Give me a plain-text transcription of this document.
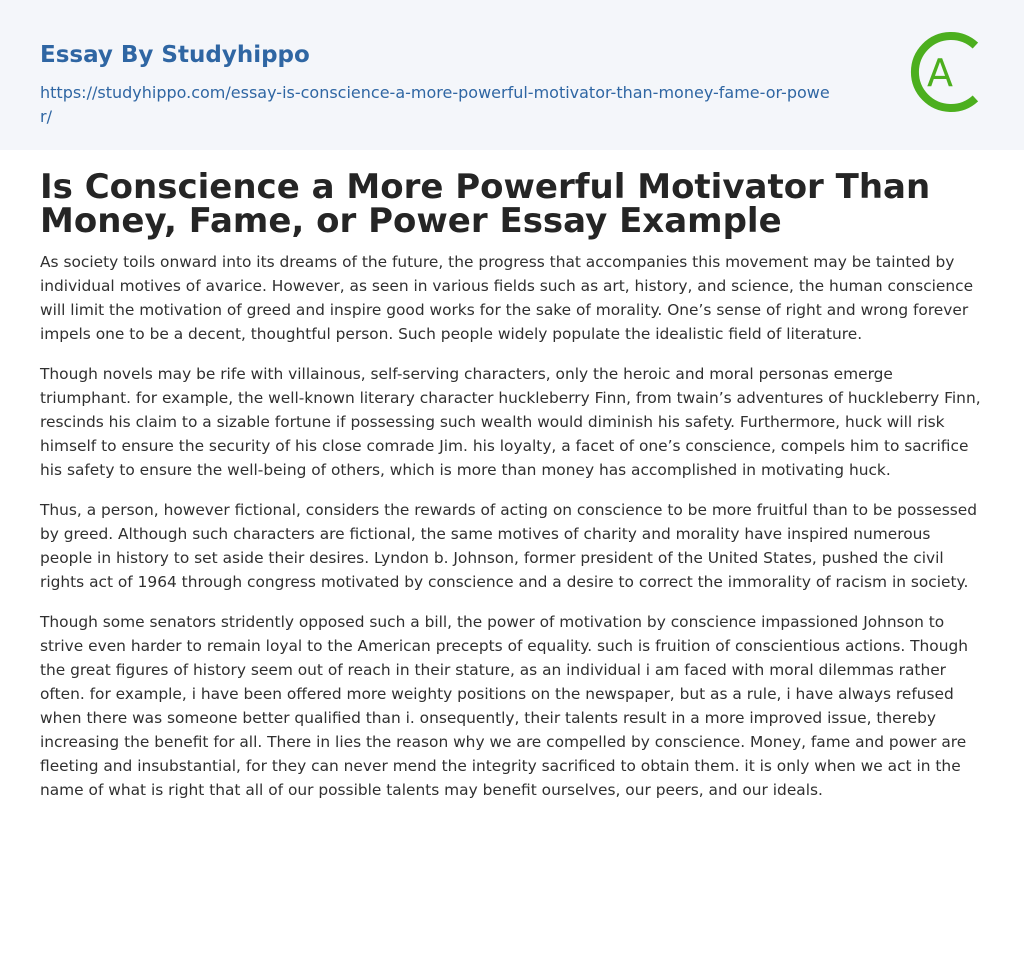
Essay By Studyhippo
https://studyhippo.com/essay-is-conscience-a-more-powerful-motivator-than-money-fame-or-power/
A
Is Conscience a More Powerful Motivator Than Money, Fame, or Power Essay Example

As society toils onward into its dreams of the future, the progress that accompanies this movement may be tainted by individual motives of avarice. However, as seen in various fields such as art, history, and science, the human conscience will limit the motivation of greed and inspire good works for the sake of morality. One’s sense of right and wrong forever impels one to be a decent, thoughtful person. Such people widely populate the idealistic field of literature.

Though novels may be rife with villainous, self-serving characters, only the heroic and moral personas emerge triumphant. for example, the well-known literary character huckleberry Finn, from twain’s adventures of huckleberry Finn, rescinds his claim to a sizable fortune if possessing such wealth would diminish his safety. Furthermore, huck will risk himself to ensure the security of his close comrade Jim. his loyalty, a facet of one’s conscience, compels him to sacrifice his safety to ensure the well-being of others, which is more than money has accomplished in motivating huck.

Thus, a person, however fictional, considers the rewards of acting on conscience to be more fruitful than to be possessed by greed. Although such characters are fictional, the same motives of charity and morality have inspired numerous people in history to set aside their desires. Lyndon b. Johnson, former president of the United States, pushed the civil rights act of 1964 through congress motivated by conscience and a desire to correct the immorality of racism in society.

Though some senators stridently opposed such a bill, the power of motivation by conscience impassioned Johnson to strive even harder to remain loyal to the American precepts of equality. such is fruition of conscientious actions. Though the great figures of history seem out of reach in their stature, as an individual i am faced with moral dilemmas rather often. for example, i have been offered more weighty positions on the newspaper, but as a rule, i have always refused when there was someone better qualified than i. onsequently, their talents result in a more improved issue, thereby increasing the benefit for all. There in lies the reason why we are compelled by conscience. Money, fame and power are fleeting and insubstantial, for they can never mend the integrity sacrificed to obtain them. it is only when we act in the name of what is right that all of our possible talents may benefit ourselves, our peers, and our ideals.
